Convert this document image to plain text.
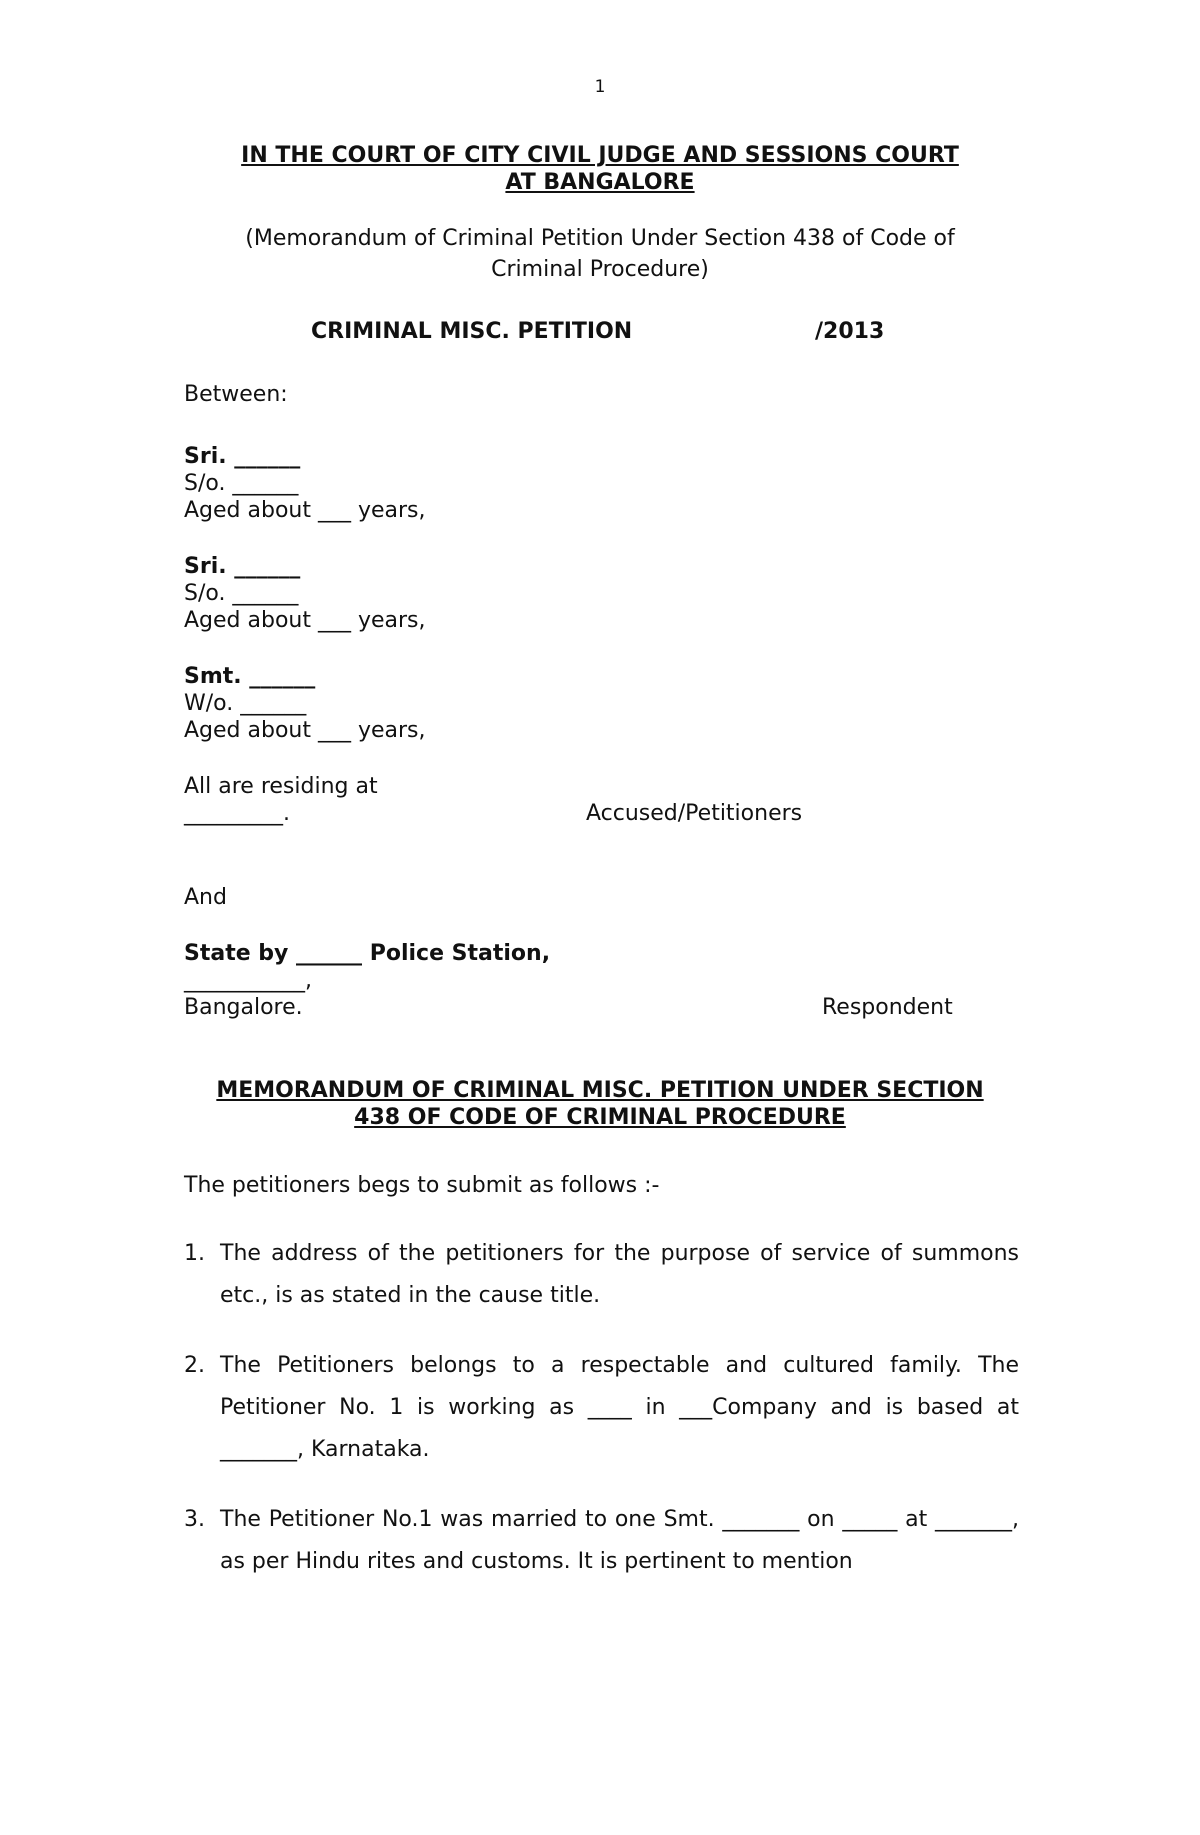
1
IN THE COURT OF CITY CIVIL JUDGE AND SESSIONS COURT
AT BANGALORE
(Memorandum of Criminal Petition Under Section 438 of Code of
Criminal Procedure)
CRIMINAL MISC. PETITION	/2013
Between:
Sri. ______
S/o. ______
Aged about ___ years,
Sri. ______
S/o. ______
Aged about ___ years,
Smt. ______
W/o. ______
Aged about ___ years,
All are residing at
_________.	Accused/Petitioners
And
State by ______ Police Station,
___________,
Bangalore.	Respondent
MEMORANDUM OF CRIMINAL MISC. PETITION UNDER SECTION
438 OF CODE OF CRIMINAL PROCEDURE
The petitioners begs to submit as follows :-
1. The address of the petitioners for the purpose of service of summons etc., is as stated in the cause title.
2. The Petitioners belongs to a respectable and cultured family. The Petitioner No. 1 is working as ____ in ___Company and is based at _______, Karnataka.
3. The Petitioner No.1 was married to one Smt. _______ on _____ at _______, as per Hindu rites and customs. It is pertinent to mention
